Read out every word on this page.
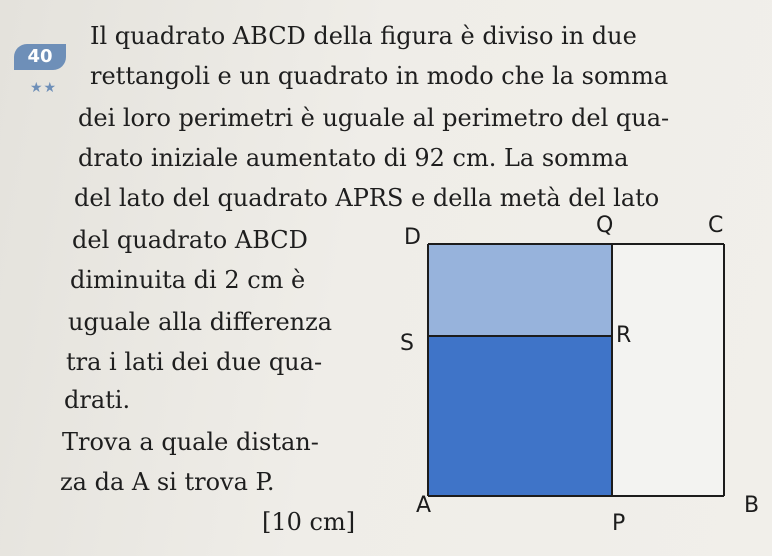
40
★★
Il quadrato ABCD della figura è diviso in due
rettangoli e un quadrato in modo che la somma
dei loro perimetri è uguale al perimetro del qua-
drato iniziale aumentato di 92 cm. La somma
del lato del quadrato APRS e della metà del lato
del quadrato ABCD
diminuita di 2 cm è
uguale alla differenza
tra i lati dei due qua-
drati.
Trova a quale distan-
za da A si trova P.
[10 cm]
D	Q	C
S	R
A
P
B
